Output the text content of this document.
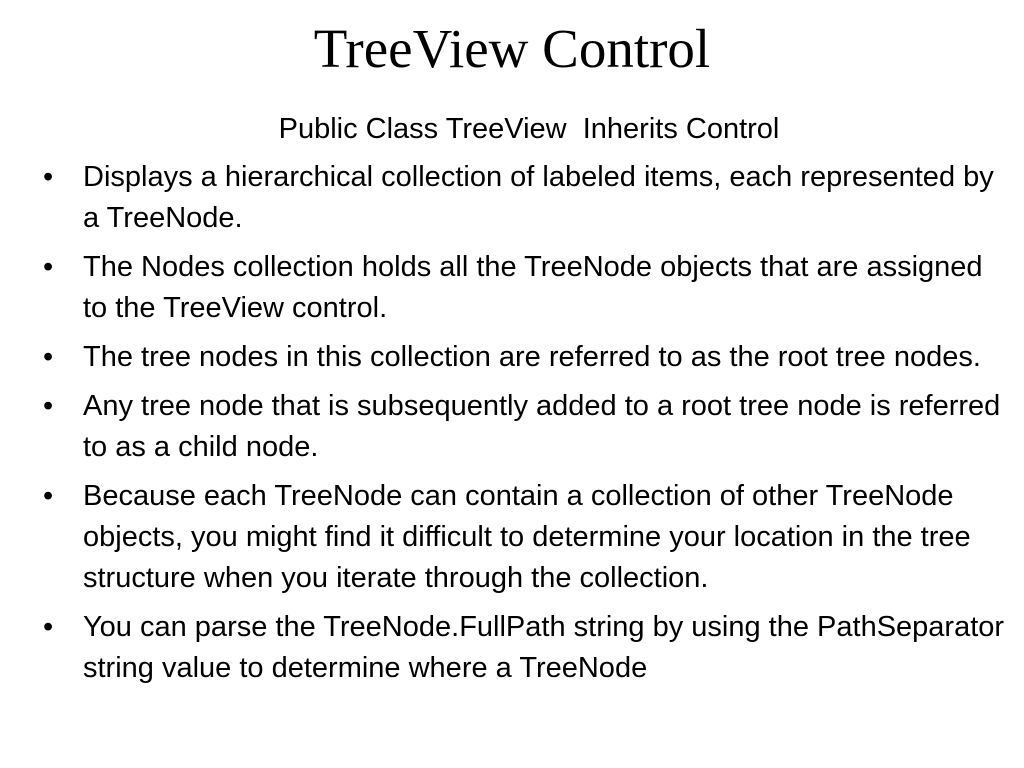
TreeView Control
Public Class TreeView  Inherits Control
• Displays a hierarchical collection of labeled items, each represented by a TreeNode.
• The Nodes collection holds all the TreeNode objects that are assigned to the TreeView control.
• The tree nodes in this collection are referred to as the root tree nodes.
• Any tree node that is subsequently added to a root tree node is referred to as a child node.
• Because each TreeNode can contain a collection of other TreeNode objects, you might find it difficult to determine your location in the tree structure when you iterate through the collection.
• You can parse the TreeNode.FullPath string by using the PathSeparator string value to determine where a TreeNode
